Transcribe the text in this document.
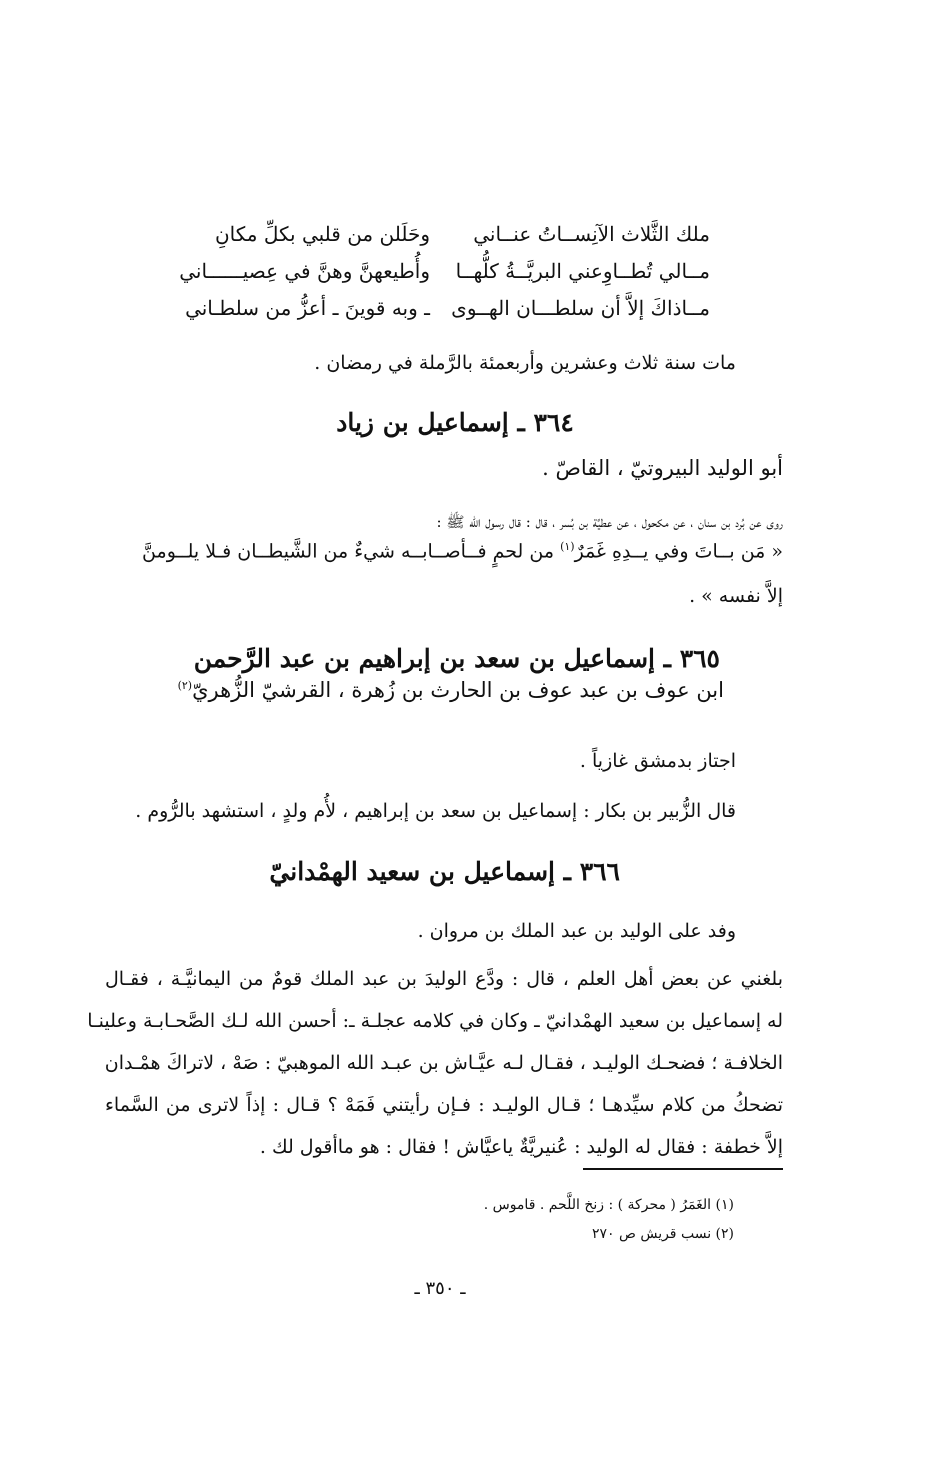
ملك الثَّلاث الآنِســاتُ عنــاني
وحَلَلن من قلبي بكلِّ مكانِ
مــالي تُطــاوِعني البريَّــةُ كلُّهــا
وأُطيعهنَّ وهنَّ في عِصيــــــاني
مــاذاكَ إلاَّ أن سلطـــان الهــوى
ـ وبه قوينَ ـ أعزُّ من سلطـاني
مات سنة ثلاث وعشرين وأربعمئة بالرَّملة في رمضان .
٣٦٤ ـ إسماعيل بن زياد
أبو الوليد البيروتيّ ، القاصّ .
روى عن بُرد بن سنان ، عن مكحول ، عن عطيَّة بن بُسر ، قال : قال رسول الله ﷺ :
« مَن بــاتَ وفي يــدِهِ غَمَرٌ$^{(١)}$ من لحمٍ فــأصــابــه شيءٌ من الشَّيطــان فـلا يلــومنَّ
إلاَّ نفسه » .
٣٦٥ ـ إسماعيل بن سعد بن إبراهيم بن عبد الرَّحمن
ابن عوف بن عبد عوف بن الحارث بن زُهرة ، القرشيّ الزُّهريّ$^{(٢)}$
اجتاز بدمشق غازياً .
قال الزُّبير بن بكار : إسماعيل بن سعد بن إبراهيم ، لأُم ولدٍ ، استشهد بالرُّوم .
٣٦٦ ـ إسماعيل بن سعيد الهمْدانيّ
وفد على الوليد بن عبد الملك بن مروان .
بلغني عن بعض أهل العلم ، قال : ودَّع الوليدَ بن عبد الملك قومٌ من اليمانيَّـة ، فقـال
له إسماعيل بن سعيد الهمْدانيّ ـ وكان في كلامه عجلـة ـ: أحسن الله لـك الصَّحـابـة وعلينـا
الخلافـة ؛ فضحـك الوليـد ، فقـال لـه عيَّـاش بن عبـد الله الموهبيّ : صَهْ ، لاتراكَ همْـدان
تضحكُ من كلام سيِّدهـا ؛ قـال الوليـد : فـإن رأيتني فَمَهْ ؟ قـال : إذاً لاترى من السَّماء
إلاَّ خطفة : فقال له الوليد : عُنيريَّةٌ ياعيَّاش ! فقال : هو ماأقول لك .
(١) الغَمَرُ ( محركة ) : زنخ اللَّحم . قاموس .
(٢) نسب قريش ص ٢٧٠
ـ ٣٥٠ ـ
